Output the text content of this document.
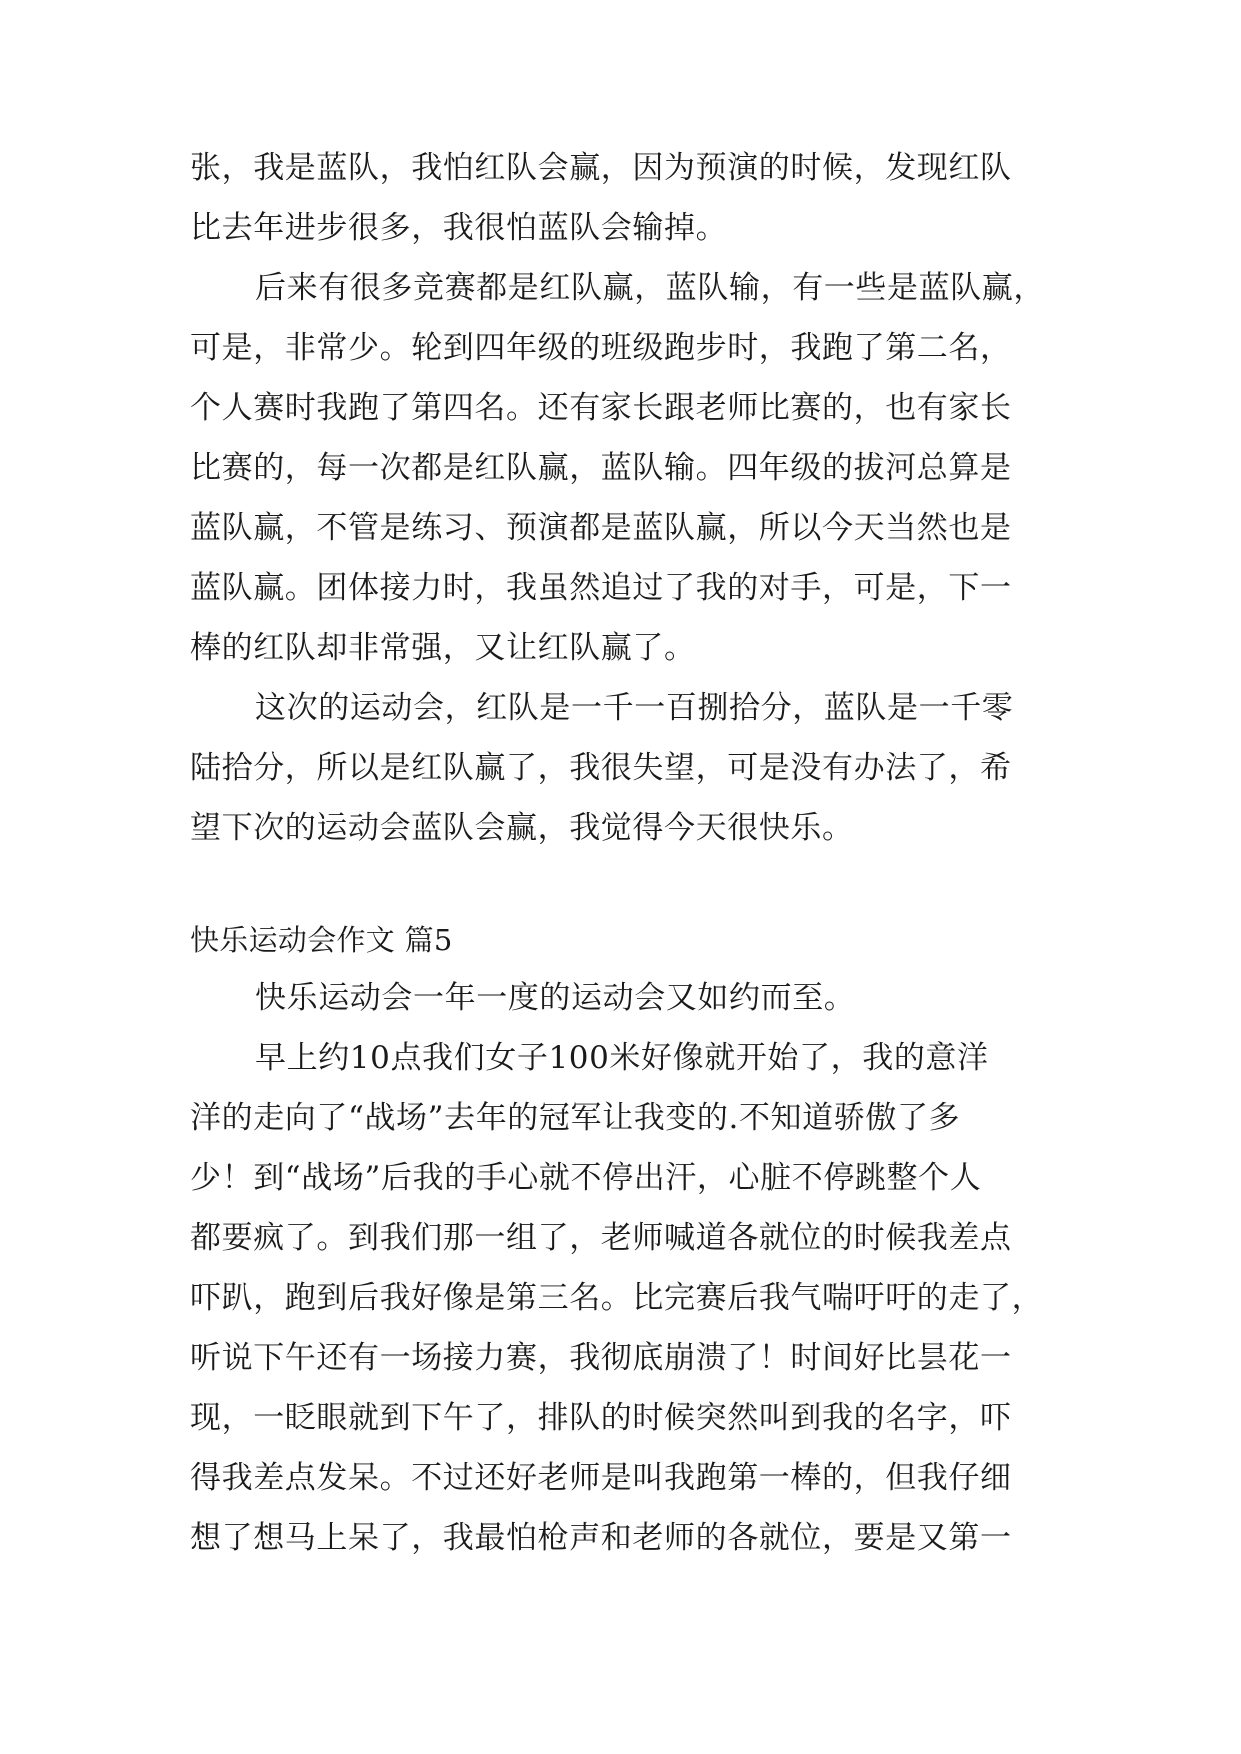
张，我是蓝队，我怕红队会赢，因为预演的时候，发现红队
比去年进步很多，我很怕蓝队会输掉。
后来有很多竞赛都是红队赢，蓝队输，有一些是蓝队赢，
可是，非常少。轮到四年级的班级跑步时，我跑了第二名，
个人赛时我跑了第四名。还有家长跟老师比赛的，也有家长
比赛的，每一次都是红队赢，蓝队输。四年级的拔河总算是
蓝队赢，不管是练习、预演都是蓝队赢，所以今天当然也是
蓝队赢。团体接力时，我虽然追过了我的对手，可是，下一
棒的红队却非常强，又让红队赢了。
这次的运动会，红队是一千一百捌拾分，蓝队是一千零
陆拾分，所以是红队赢了，我很失望，可是没有办法了，希
望下次的运动会蓝队会赢，我觉得今天很快乐。
快乐运动会作文 篇5
快乐运动会一年一度的运动会又如约而至。
早上约10点我们女子100米好像就开始了，我的意洋
洋的走向了“战场”去年的冠军让我变的.不知道骄傲了多
少！到“战场”后我的手心就不停出汗，心脏不停跳整个人
都要疯了。到我们那一组了，老师喊道各就位的时候我差点
吓趴，跑到后我好像是第三名。比完赛后我气喘吁吁的走了，
听说下午还有一场接力赛，我彻底崩溃了！时间好比昙花一
现，一眨眼就到下午了，排队的时候突然叫到我的名字，吓
得我差点发呆。不过还好老师是叫我跑第一棒的，但我仔细
想了想马上呆了，我最怕枪声和老师的各就位，要是又第一
